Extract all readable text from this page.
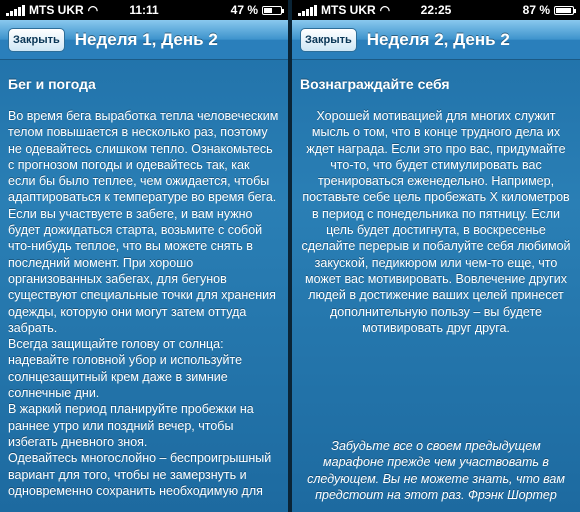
MTS UKR ◠	11:11	47 %
Закрыть Неделя 1, День 2
Бег и погода

Во время бега выработка тепла человеческим телом повышается в несколько раз, поэтому не одевайтесь слишком тепло. Ознакомьтесь с прогнозом погоды и одевайтесь так, как если бы было теплее, чем ожидается, чтобы адаптироваться к температуре во время бега. Если вы участвуете в забеге, и вам нужно будет дожидаться старта, возьмите с собой что-нибудь теплое, что вы можете снять в последний момент. При хорошо организованных забегах, для бегунов существуют специальные точки для хранения одежды, которую они могут затем оттуда забрать.

Всегда защищайте голову от солнца: надевайте головной убор и используйте солнцезащитный крем даже в зимние солнечные дни.

В жаркий период планируйте пробежки на раннее утро или поздний вечер, чтобы избегать дневного зноя.

Одевайтесь многослойно – беспроигрышный вариант для того, чтобы не замерзнуть и одновременно сохранить необходимую для

MTS UKR ◠	22:25	87 %
Закрыть Неделя 2, День 2
Вознаграждайте себя

Хорошей мотивацией для многих служит мысль о том, что в конце трудного дела их ждет награда. Если это про вас, придумайте что-то, что будет стимулировать вас тренироваться еженедельно. Например, поставьте себе цель пробежать X километров в период с понедельника по пятницу. Если цель будет достигнута, в воскресенье сделайте перерыв и побалуйте себя любимой закуской, педикюром или чем-то еще, что может вас мотивировать. Вовлечение других людей в достижение ваших целей принесет дополнительную пользу – вы будете мотивировать друг друга.

Забудьте все о своем предыдущем марафоне прежде чем участвовать в следующем. Вы не можете знать, что вам предстоит на этот раз. Фрэнк Шортер
